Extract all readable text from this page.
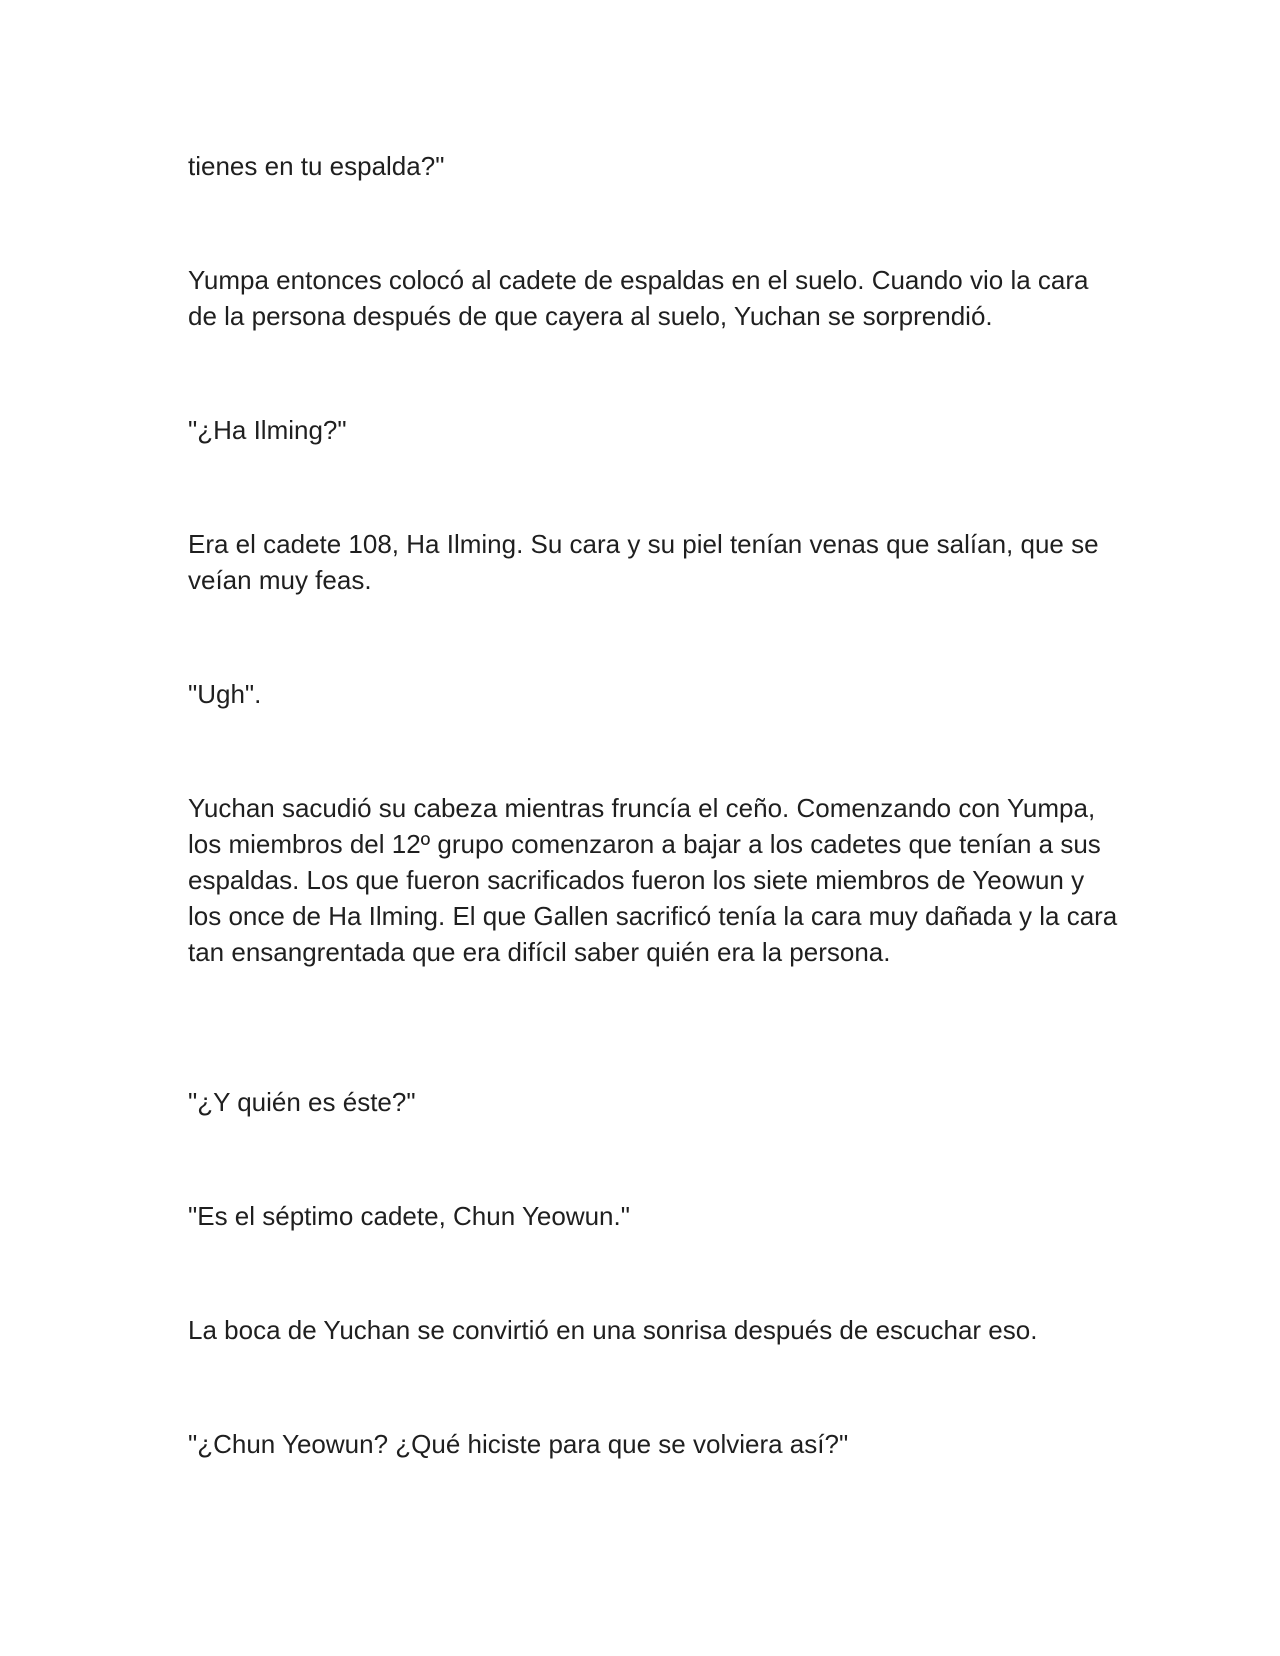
tienes en tu espalda?"

Yumpa entonces colocó al cadete de espaldas en el suelo. Cuando vio la cara de la persona después de que cayera al suelo, Yuchan se sorprendió.

"¿Ha Ilming?"

Era el cadete 108, Ha Ilming. Su cara y su piel tenían venas que salían, que se veían muy feas.

"Ugh".

Yuchan sacudió su cabeza mientras fruncía el ceño. Comenzando con Yumpa, los miembros del 12º grupo comenzaron a bajar a los cadetes que tenían a sus espaldas. Los que fueron sacrificados fueron los siete miembros de Yeowun y los once de Ha Ilming. El que Gallen sacrificó tenía la cara muy dañada y la cara tan ensangrentada que era difícil saber quién era la persona.

"¿Y quién es éste?"

"Es el séptimo cadete, Chun Yeowun."

La boca de Yuchan se convirtió en una sonrisa después de escuchar eso.

"¿Chun Yeowun? ¿Qué hiciste para que se volviera así?"
